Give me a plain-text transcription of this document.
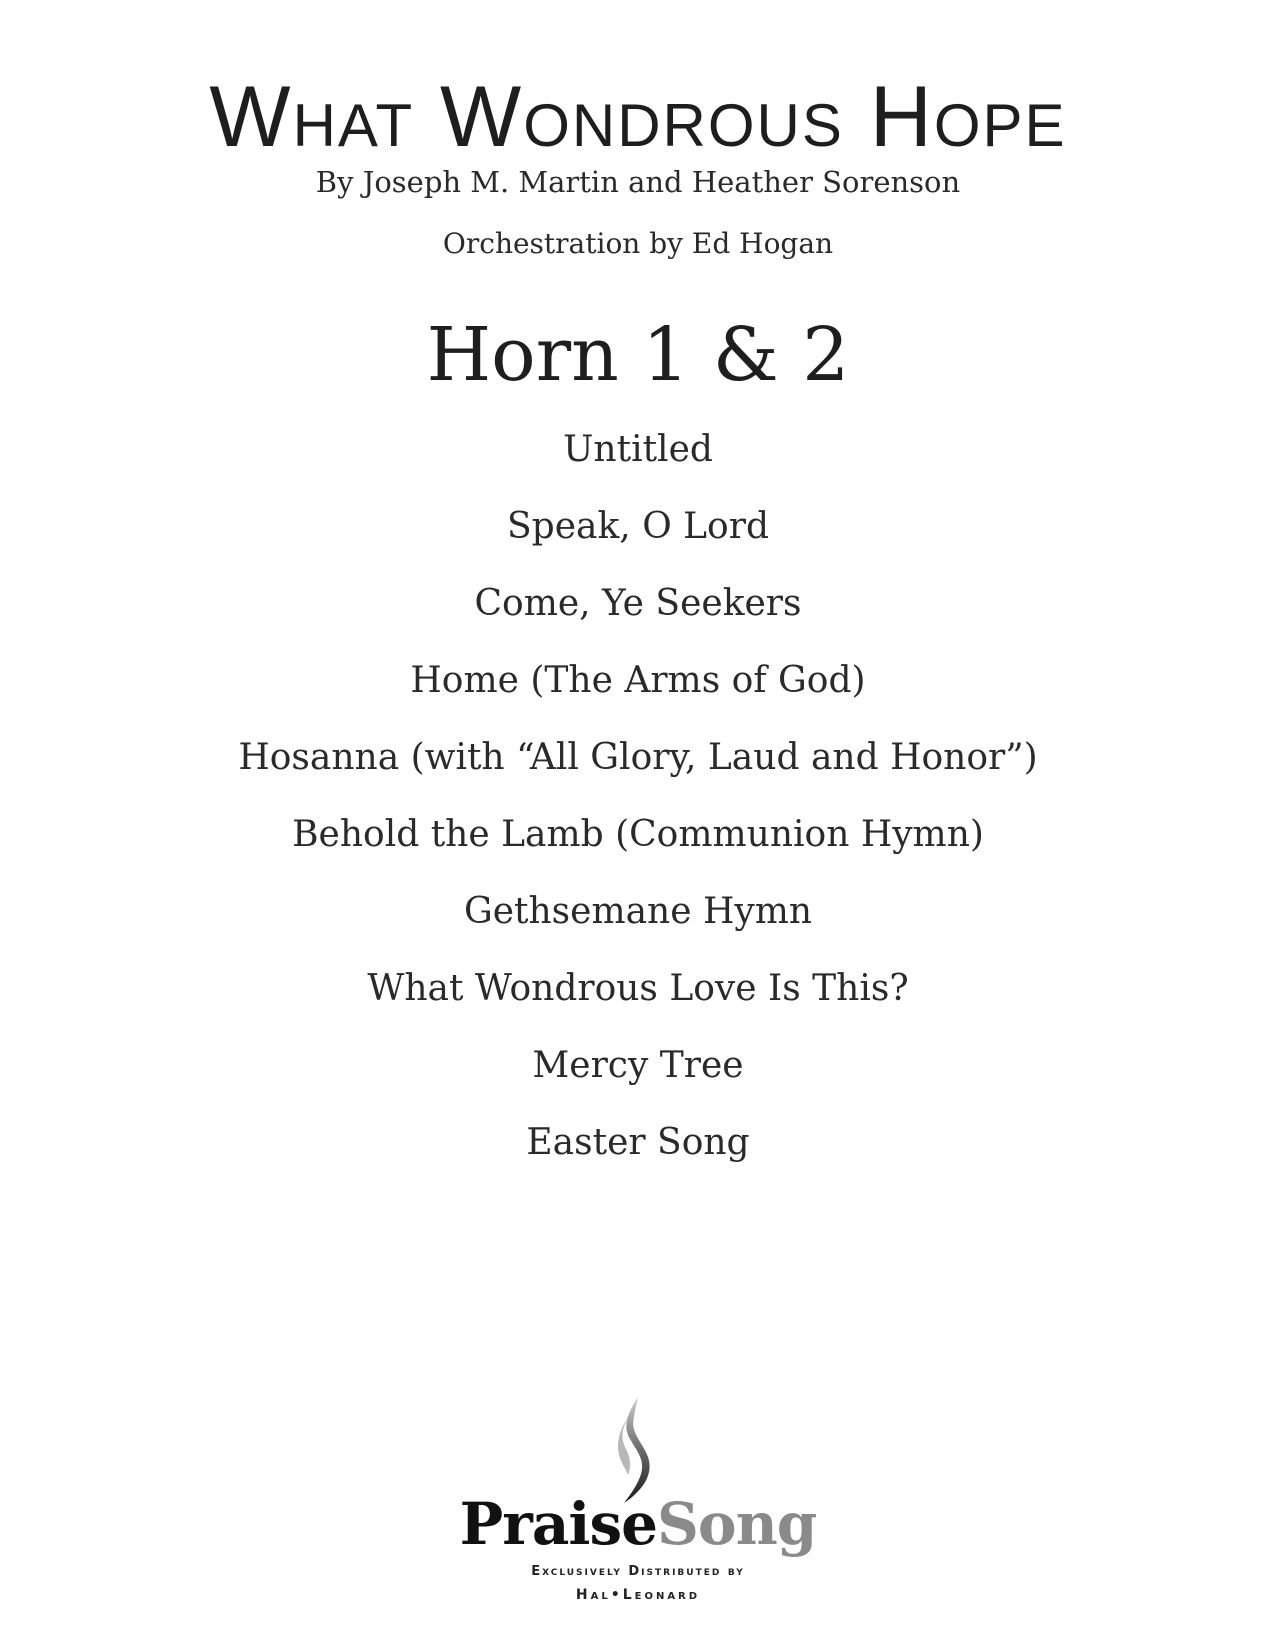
What Wondrous Hope
By Joseph M. Martin and Heather Sorenson
Orchestration by Ed Hogan
Horn 1 & 2
Untitled
Speak, O Lord
Come, Ye Seekers
Home (The Arms of God)
Hosanna (with “All Glory, Laud and Honor”)
Behold the Lamb (Communion Hymn)
Gethsemane Hymn
What Wondrous Love Is This?
Mercy Tree
Easter Song
PraiseSong
Exclusively Distributed by
Hal•Leonard
